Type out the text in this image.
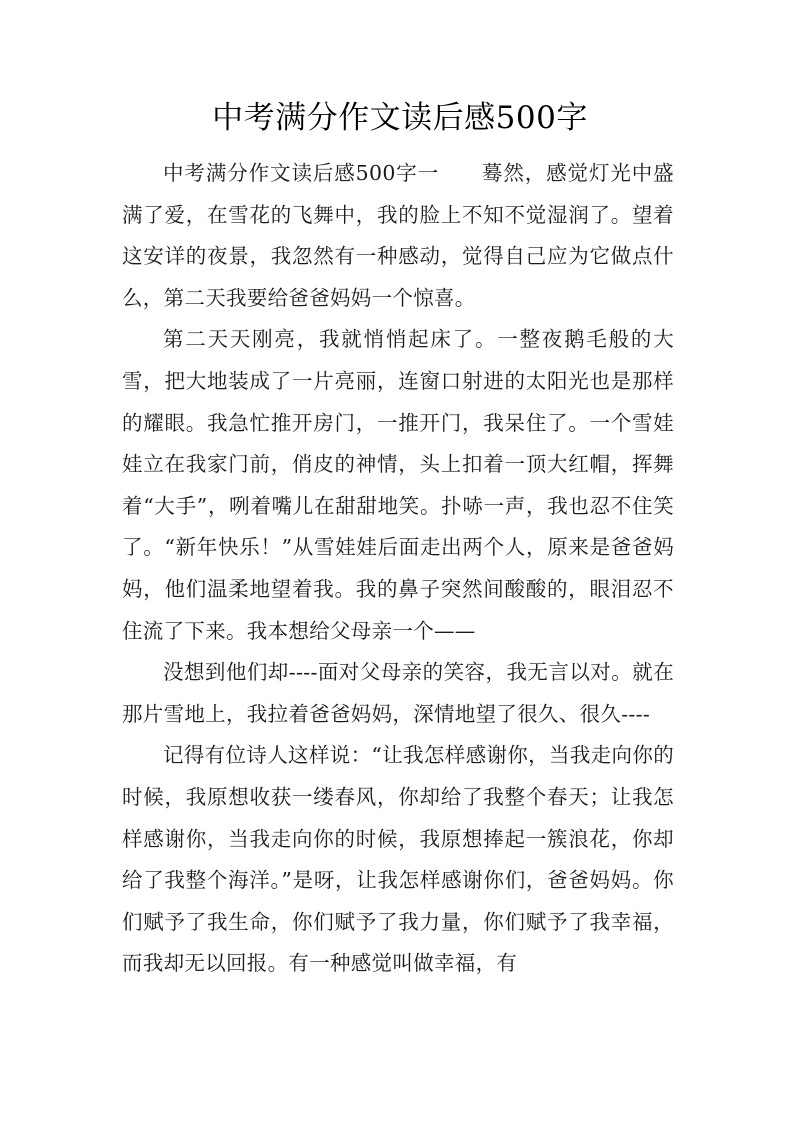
中考满分作文读后感500字

中考满分作文读后感500字一　　蓦然，感觉灯光中盛满了爱，在雪花的飞舞中，我的脸上不知不觉湿润了。望着这安详的夜景，我忽然有一种感动，觉得自己应为它做点什么，第二天我要给爸爸妈妈一个惊喜。

第二天天刚亮，我就悄悄起床了。一整夜鹅毛般的大雪，把大地装成了一片亮丽，连窗口射进的太阳光也是那样的耀眼。我急忙推开房门，一推开门，我呆住了。一个雪娃娃立在我家门前，俏皮的神情，头上扣着一顶大红帽，挥舞着“大手”，咧着嘴儿在甜甜地笑。扑哧一声，我也忍不住笑了。“新年快乐！”从雪娃娃后面走出两个人，原来是爸爸妈妈，他们温柔地望着我。我的鼻子突然间酸酸的，眼泪忍不住流了下来。我本想给父母亲一个——

没想到他们却----面对父母亲的笑容，我无言以对。就在那片雪地上，我拉着爸爸妈妈，深情地望了很久、很久----

记得有位诗人这样说：“让我怎样感谢你，当我走向你的时候，我原想收获一缕春风，你却给了我整个春天；让我怎样感谢你，当我走向你的时候，我原想捧起一簇浪花，你却给了我整个海洋。”是呀，让我怎样感谢你们，爸爸妈妈。你们赋予了我生命，你们赋予了我力量，你们赋予了我幸福，而我却无以回报。有一种感觉叫做幸福，有
